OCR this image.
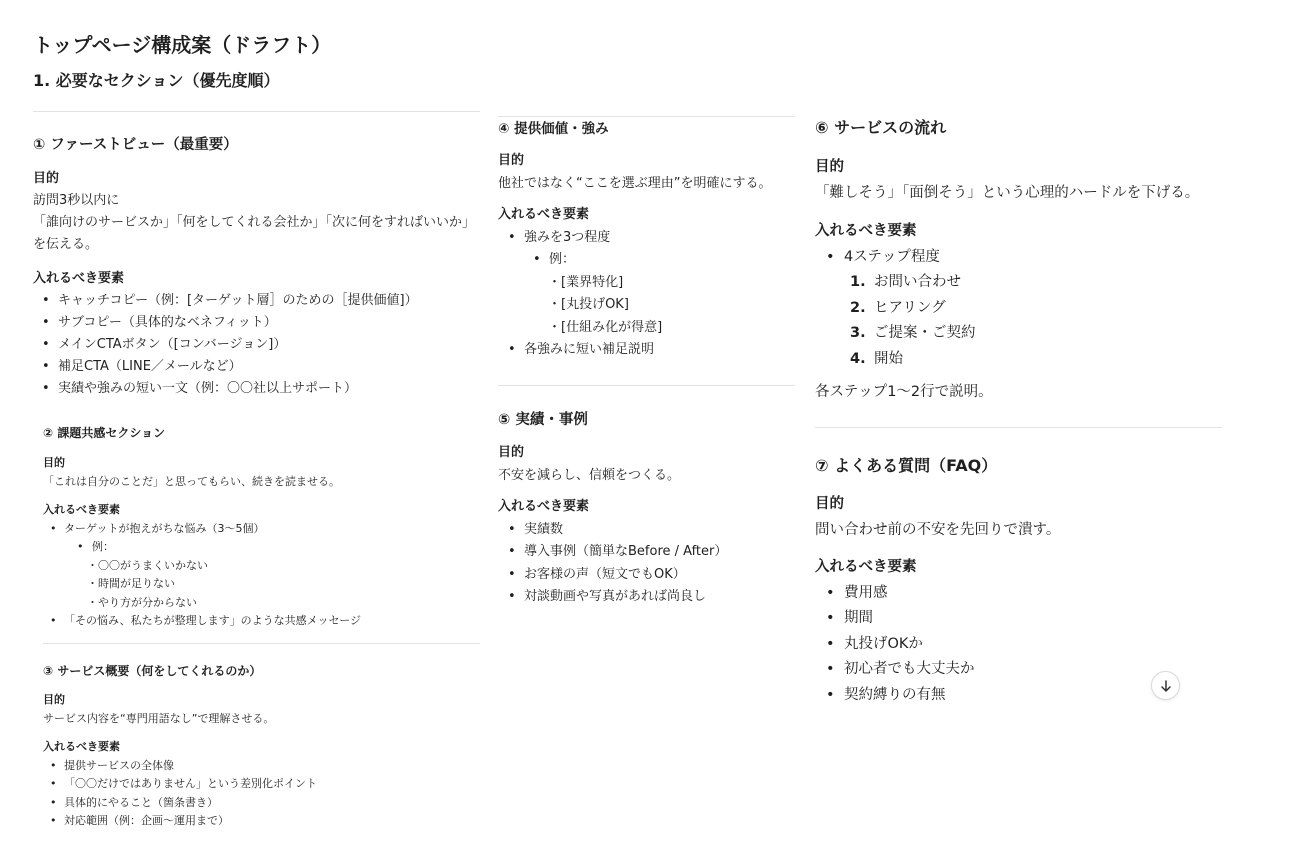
トップページ構成案（ドラフト）
1. 必要なセクション（優先度順）
① ファーストビュー（最重要）
目的
訪問3秒以内に
「誰向けのサービスか」「何をしてくれる会社か」「次に何をすればいいか」
を伝える。
入れるべき要素
• キャッチコピー（例：[ターゲット層］のための［提供価値]）
• サブコピー（具体的なベネフィット）
• メインCTAボタン（[コンバージョン]）
• 補足CTA（LINE／メールなど）
• 実績や強みの短い一文（例：〇〇社以上サポート）
② 課題共感セクション
目的
「これは自分のことだ」と思ってもらい、続きを読ませる。
入れるべき要素
• ターゲットが抱えがちな悩み（3〜5個）
• 例：
・〇〇がうまくいかない
・時間が足りない
・やり方が分からない
• 「その悩み、私たちが整理します」のような共感メッセージ
③ サービス概要（何をしてくれるのか）
目的
サービス内容を“専門用語なし”で理解させる。
入れるべき要素
• 提供サービスの全体像
• 「〇〇だけではありません」という差別化ポイント
• 具体的にやること（箇条書き）
• 対応範囲（例：企画〜運用まで）
④ 提供価値・強み
目的
他社ではなく“ここを選ぶ理由”を明確にする。
入れるべき要素
• 強みを3つ程度
• 例：
・[業界特化]
・[丸投げOK]
・[仕組み化が得意]
• 各強みに短い補足説明
⑤ 実績・事例
目的
不安を減らし、信頼をつくる。
入れるべき要素
• 実績数
• 導入事例（簡単なBefore / After）
• お客様の声（短文でもOK）
• 対談動画や写真があれば尚良し
⑥ サービスの流れ
目的
「難しそう」「面倒そう」という心理的ハードルを下げる。
入れるべき要素
• 4ステップ程度
1. お問い合わせ
2. ヒアリング
3. ご提案・ご契約
4. 開始
各ステップ1〜2行で説明。
⑦ よくある質問（FAQ）
目的
問い合わせ前の不安を先回りで潰す。
入れるべき要素
• 費用感
• 期間
• 丸投げOKか
• 初心者でも大丈夫か
• 契約縛りの有無
